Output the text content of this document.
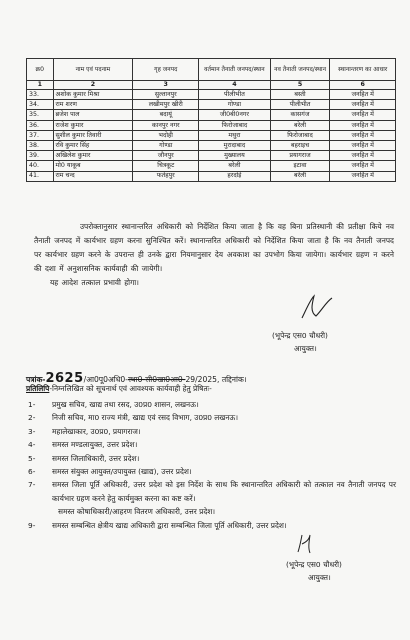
क्र0	नाम एवं पदनाम	गृह जनपद	वर्तमान तैनाती जनपद/स्थान	नव तैनाती जनपद/स्थान	स्थानान्तरण का आधार
1	2	3	4	5	6
33.	अशोक कुमार मिश्रा	सुल्तानपुर	पीलीभीत	बस्ती	जनहित में
34.	राम शरण	लखीमपुर खीरी	गोण्डा	पीलीभीत	जनहित में
35.	ब्रजेश पाल	बदायूं	जी0बी0नगर	कासगंज	जनहित में
36.	राजेश कुमार	कानपुर नगर	फिरोजाबाद	बरेली	जनहित में
37.	सुशील कुमार तिवारी	भदोही	मथुरा	फिरोजाबाद	जनहित में
38.	रवि कुमार सिंह	गोण्डा	मुरादाबाद	बहराइच	जनहित में
39.	अखिलेश कुमार	जौनपुर	मुख्यालय	प्रयागराज	जनहित में
40.	मो0 याकूब	चित्रकूट	बरेली	इटावा	जनहित में
41.	राम चन्द	फतेहपुर	हरदोई	बरेली	जनहित में
उपरोक्तानुसार स्थानान्तरित अधिकारी को निर्देशित किया जाता है कि वह बिना प्रतिस्थानी की प्रतीक्षा किये नव तैनाती जनपद में कार्यभार ग्रहण करना सुनिश्चित करें। स्थानान्तरित अधिकारी को निर्देशित किया जाता है कि नव तैनाती जनपद पर कार्यभार ग्रहण करने के उपरान्त ही उनके द्वारा नियमानुसार देय अवकाश का उपभोग किया जायेगा। कार्यभार ग्रहण न करने की दशा में अनुशासनिक कार्यवाही की जायेगी।
यह आदेश तत्काल प्रभावी होगा।
(भूपेन्द्र एस0 चौधरी)
आयुक्त।
पत्रांक-2625/आ0पू0अधि0-स्था0-सी0खा0आ0-29/2025, तद्दिनांक।
प्रतिलिपि-निम्नलिखित को सूचनार्थ एवं आवश्यक कार्यवाही हेतु प्रेषितः-
1- प्रमुख सचिव, खाद्य तथा रसद, उ0प्र0 शासन, लखनऊ।
2- निजी सचिव, मा0 राज्य मंत्री, खाद्य एवं रसद विभाग, उ0प्र0 लखनऊ।
3- महालेखाकार, उ0प्र0, प्रयागराज।
4- समस्त मण्डलायुक्त, उत्तर प्रदेश।
5- समस्त जिलाधिकारी, उत्तर प्रदेश।
6- समस्त संयुक्त आयुक्त/उपायुक्त (खाद्य), उत्तर प्रदेश।
7- समस्त जिला पूर्ति अधिकारी, उत्तर प्रदेश को इस निर्देश के साथ कि स्थानान्तरित अधिकारी को तत्काल नव तैनाती जनपद पर कार्यभार ग्रहण करने हेतु कार्यमुक्त करना का कष्ट करें।
समस्त कोषाधिकारी/आहरण वितरण अधिकारी, उत्तर प्रदेश।
9- समस्त सम्बन्धित क्षेत्रीय खाद्य अधिकारी द्वारा सम्बन्धित जिला पूर्ति अधिकारी, उत्तर प्रदेश।
(भूपेन्द्र एस0 चौधरी)
आयुक्त।
